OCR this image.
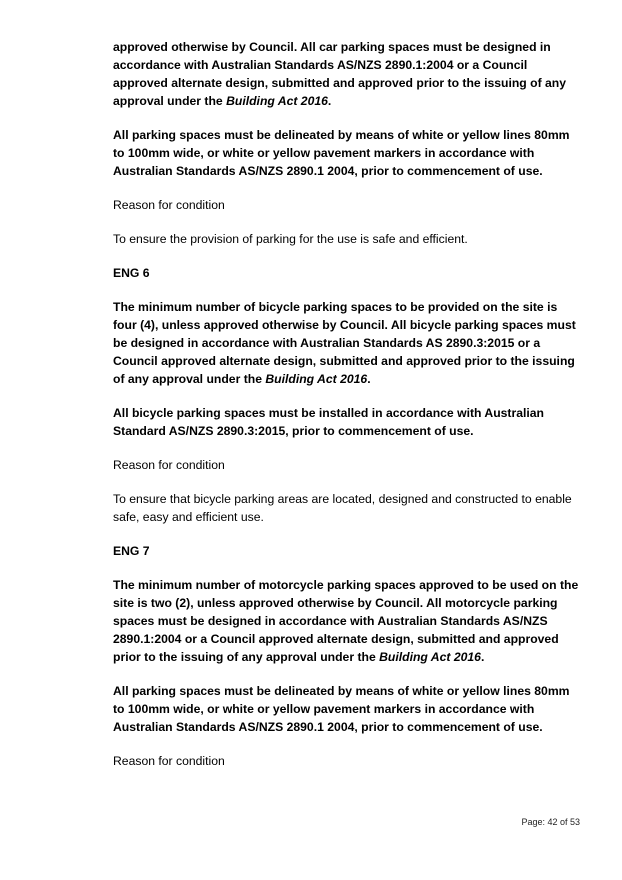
approved otherwise by Council. All car parking spaces must be designed in accordance with Australian Standards AS/NZS 2890.1:2004 or a Council approved alternate design, submitted and approved prior to the issuing of any approval under the Building Act 2016.

All parking spaces must be delineated by means of white or yellow lines 80mm to 100mm wide, or white or yellow pavement markers in accordance with Australian Standards AS/NZS 2890.1 2004, prior to commencement of use.

Reason for condition

To ensure the provision of parking for the use is safe and efficient.

ENG 6

The minimum number of bicycle parking spaces to be provided on the site is four (4), unless approved otherwise by Council. All bicycle parking spaces must be designed in accordance with Australian Standards AS 2890.3:2015 or a Council approved alternate design, submitted and approved prior to the issuing of any approval under the Building Act 2016.

All bicycle parking spaces must be installed in accordance with Australian Standard AS/NZS 2890.3:2015, prior to commencement of use.

Reason for condition

To ensure that bicycle parking areas are located, designed and constructed to enable safe, easy and efficient use.

ENG 7

The minimum number of motorcycle parking spaces approved to be used on the site is two (2), unless approved otherwise by Council. All motorcycle parking spaces must be designed in accordance with Australian Standards AS/NZS 2890.1:2004 or a Council approved alternate design, submitted and approved prior to the issuing of any approval under the Building Act 2016.

All parking spaces must be delineated by means of white or yellow lines 80mm to 100mm wide, or white or yellow pavement markers in accordance with Australian Standards AS/NZS 2890.1 2004, prior to commencement of use.

Reason for condition

Page: 42 of 53
